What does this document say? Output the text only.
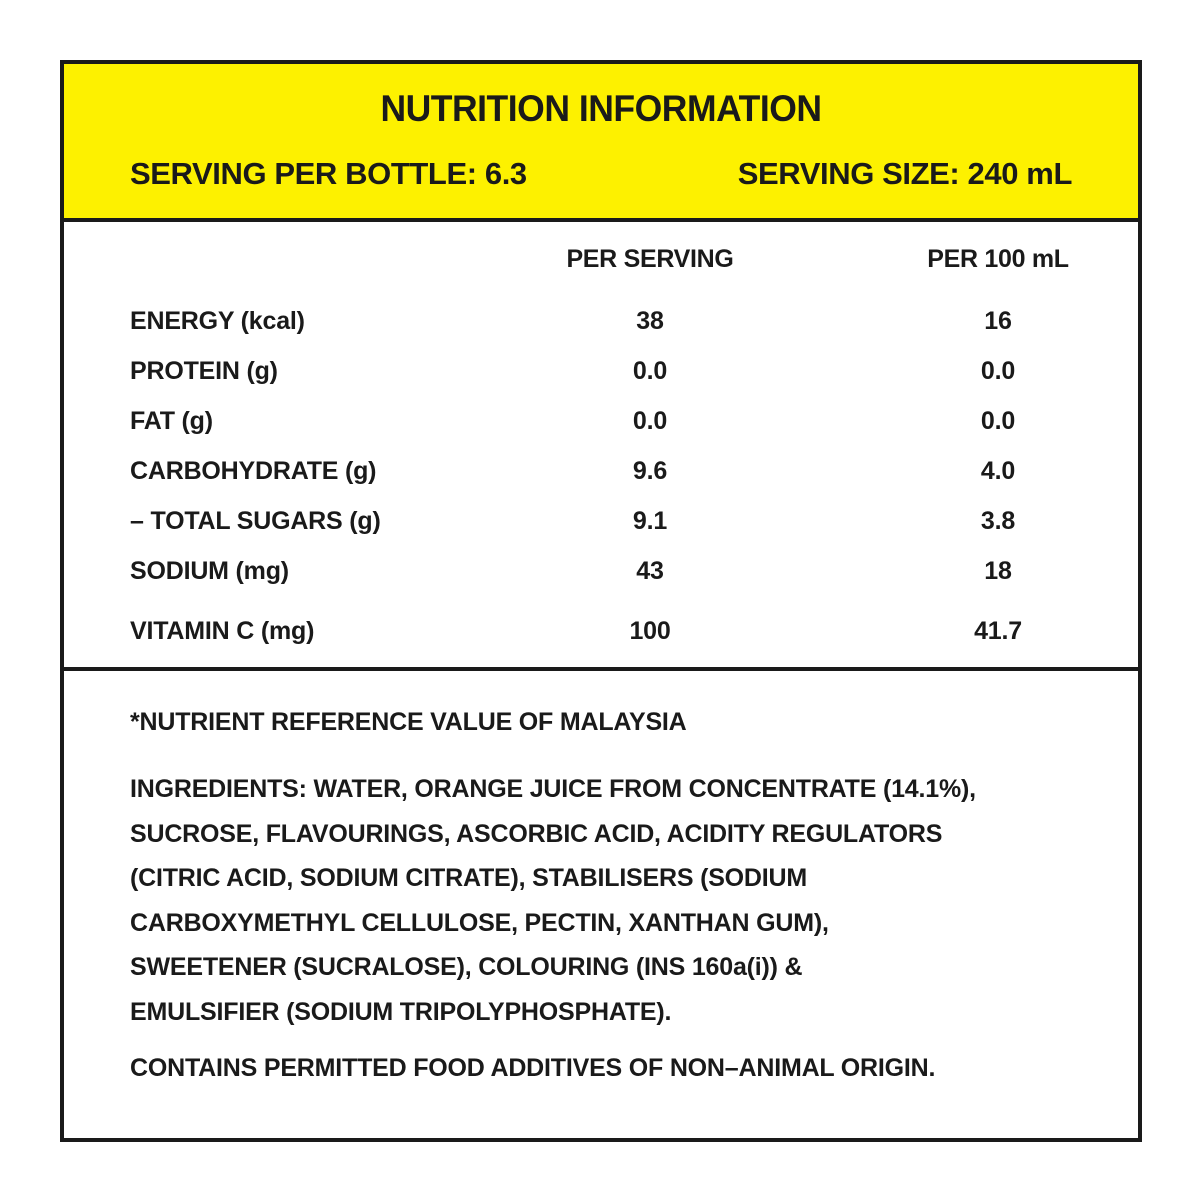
NUTRITION INFORMATION
SERVING PER BOTTLE: 6.3	SERVING SIZE: 240 mL
PER SERVING	PER 100 mL
ENERGY (kcal)	38	16
PROTEIN (g)	0.0	0.0
FAT (g)	0.0	0.0
CARBOHYDRATE (g)	9.6	4.0
– TOTAL SUGARS (g)	9.1	3.8
SODIUM (mg)	43	18
VITAMIN C (mg)	100	41.7

*NUTRIENT REFERENCE VALUE OF MALAYSIA

INGREDIENTS: WATER, ORANGE JUICE FROM CONCENTRATE (14.1%),
SUCROSE, FLAVOURINGS, ASCORBIC ACID, ACIDITY REGULATORS
(CITRIC ACID, SODIUM CITRATE), STABILISERS (SODIUM
CARBOXYMETHYL CELLULOSE, PECTIN, XANTHAN GUM),
SWEETENER (SUCRALOSE), COLOURING (INS 160a(i)) &
EMULSIFIER (SODIUM TRIPOLYPHOSPHATE).

CONTAINS PERMITTED FOOD ADDITIVES OF NON–ANIMAL ORIGIN.
